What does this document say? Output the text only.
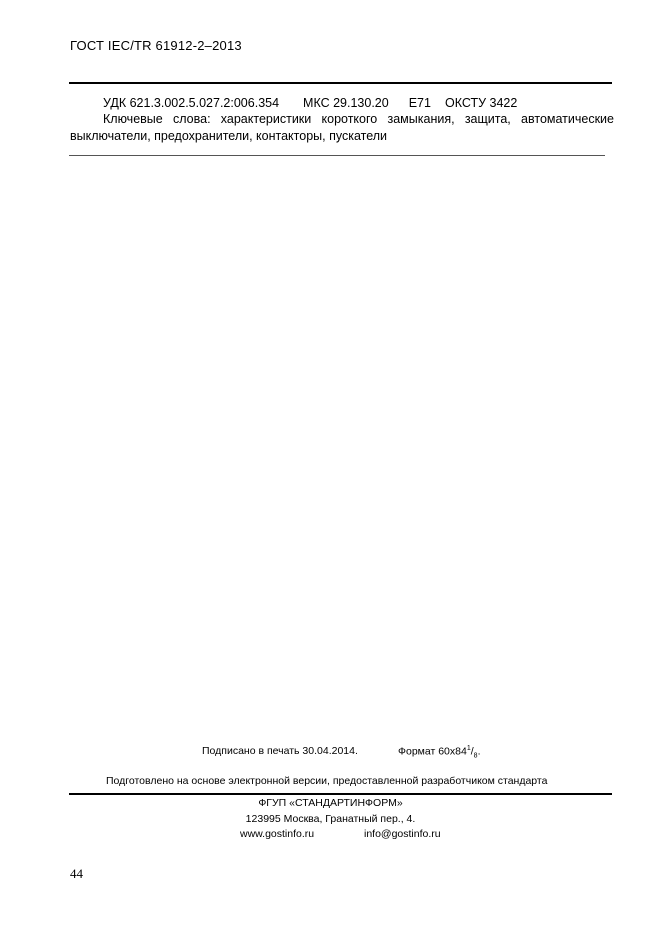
ГОСТ IEC/TR 61912-2–2013
УДК 621.3.002.5.027.2:006.354 МКС 29.130.20 Е71 ОКСТУ 3422
Ключевые слова: характеристики короткого замыкания, защита, автоматические выключатели, предохранители, контакторы, пускатели
Подписано в печать 30.04.2014.	Формат $60x84^1/_8$.
Подготовлено на основе электронной версии, предоставленной разработчиком стандарта
ФГУП «СТАНДАРТИНФОРМ»
123995 Москва, Гранатный пер., 4.
www.gostinfo.ru	info@gostinfo.ru
44
